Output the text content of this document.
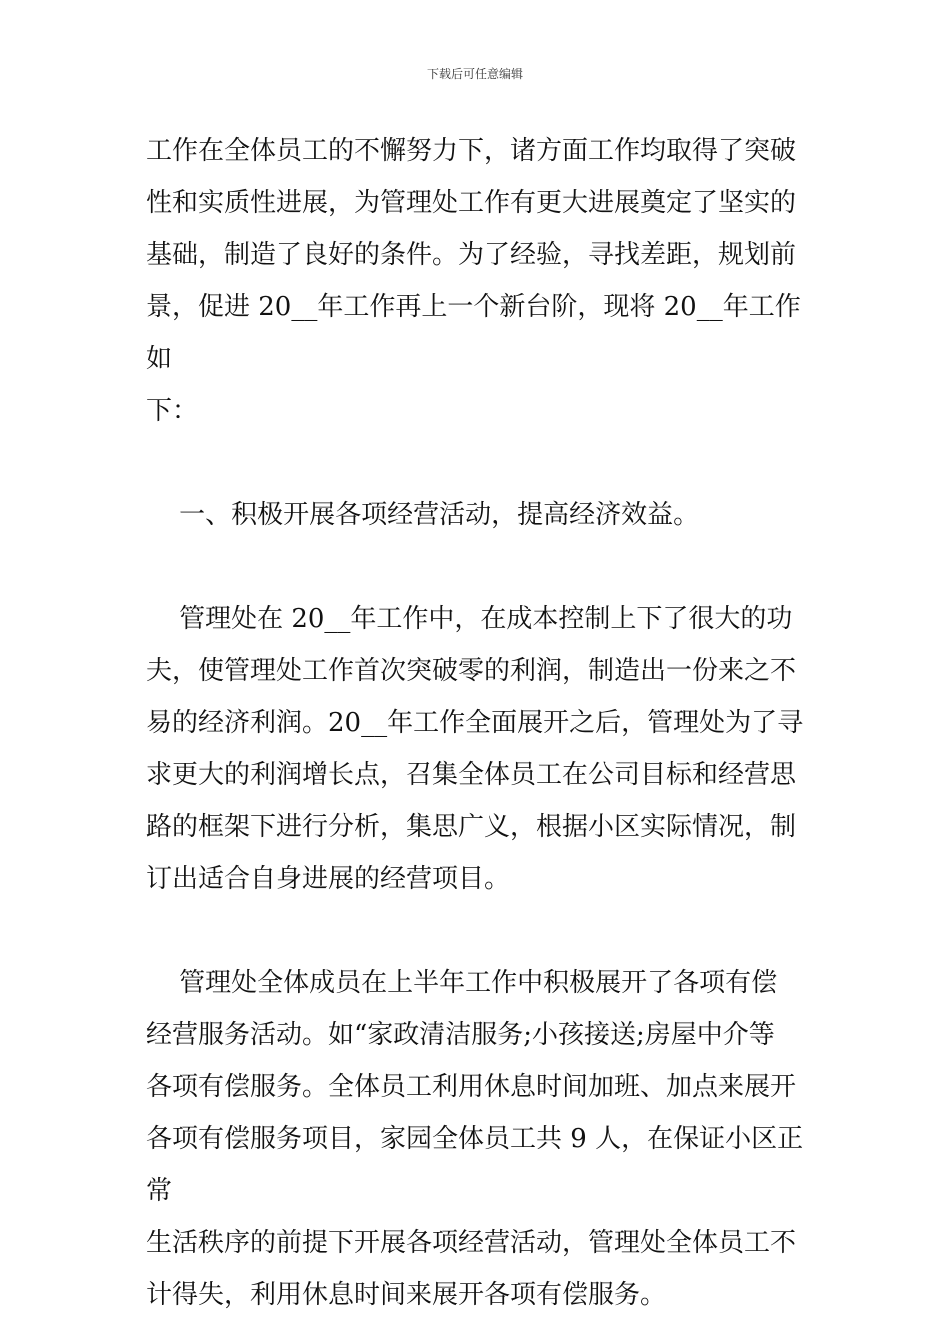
下载后可任意编辑

工作在全体员工的不懈努力下，诸方面工作均取得了突破
性和实质性进展，为管理处工作有更大进展奠定了坚实的
基础，制造了良好的条件。为了经验，寻找差距，规划前
景，促进 20__年工作再上一个新台阶，现将 20__年工作如
下：

一、积极开展各项经营活动，提高经济效益。

管理处在 20__年工作中，在成本控制上下了很大的功
夫，使管理处工作首次突破零的利润，制造出一份来之不
易的经济利润。20__年工作全面展开之后，管理处为了寻
求更大的利润增长点，召集全体员工在公司目标和经营思
路的框架下进行分析，集思广义，根据小区实际情况，制
订出适合自身进展的经营项目。

管理处全体成员在上半年工作中积极展开了各项有偿
经营服务活动。如“家政清洁服务;小孩接送;房屋中介等
各项有偿服务。全体员工利用休息时间加班、加点来展开
各项有偿服务项目，家园全体员工共 9 人，在保证小区正常
生活秩序的前提下开展各项经营活动，管理处全体员工不
计得失，利用休息时间来展开各项有偿服务。
